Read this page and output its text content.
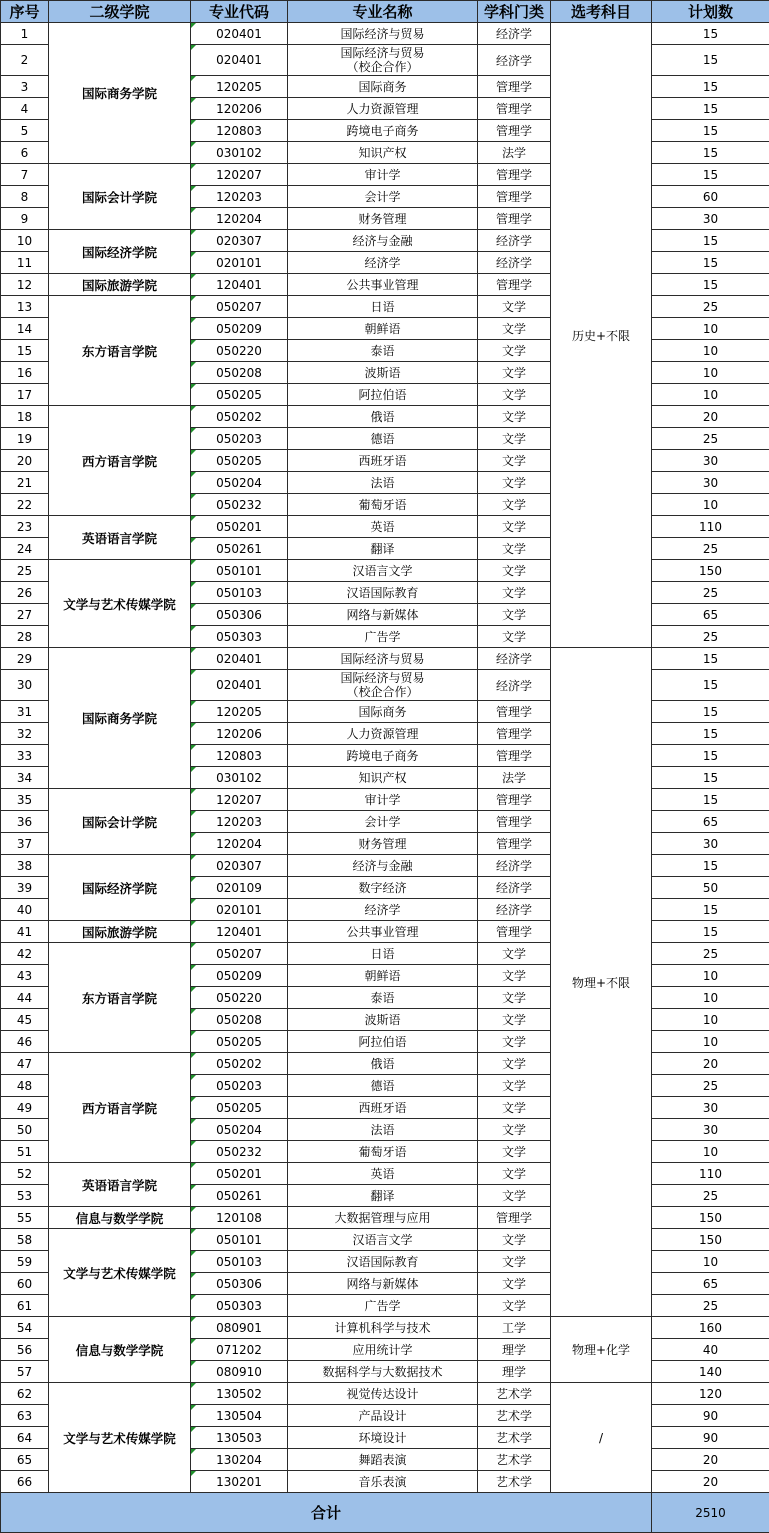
序号	二级学院	专业代码	专业名称	学科门类	选考科目	计划数
1	国际商务学院	020401	国际经济与贸易	经济学	历史+不限	15
2		020401	国际经济与贸易
（校企合作）	经济学		15
3		120205	国际商务	管理学		15
4		120206	人力资源管理	管理学		15
5		120803	跨境电子商务	管理学		15
6		030102	知识产权	法学		15
7	国际会计学院	120207	审计学	管理学		15
8		120203	会计学	管理学		60
9		120204	财务管理	管理学		30
10	国际经济学院	020307	经济与金融	经济学		15
11		020101	经济学	经济学		15
12	国际旅游学院	120401	公共事业管理	管理学		15
13	东方语言学院	050207	日语	文学		25
14		050209	朝鲜语	文学		10
15		050220	泰语	文学		10
16		050208	波斯语	文学		10
17		050205	阿拉伯语	文学		10
18	西方语言学院	050202	俄语	文学		20
19		050203	德语	文学		25
20		050205	西班牙语	文学		30
21		050204	法语	文学		30
22		050232	葡萄牙语	文学		10
23	英语语言学院	050201	英语	文学		110
24		050261	翻译	文学		25
25	文学与艺术传媒学院	050101	汉语言文学	文学		150
26		050103	汉语国际教育	文学		25
27		050306	网络与新媒体	文学		65
28		050303	广告学	文学		25
29	国际商务学院	020401	国际经济与贸易	经济学	物理+不限	15
30		020401	国际经济与贸易
（校企合作）	经济学		15
31		120205	国际商务	管理学		15
32		120206	人力资源管理	管理学		15
33		120803	跨境电子商务	管理学		15
34		030102	知识产权	法学		15
35	国际会计学院	120207	审计学	管理学		15
36		120203	会计学	管理学		65
37		120204	财务管理	管理学		30
38	国际经济学院	020307	经济与金融	经济学		15
39		020109	数字经济	经济学		50
40		020101	经济学	经济学		15
41	国际旅游学院	120401	公共事业管理	管理学		15
42	东方语言学院	050207	日语	文学		25
43		050209	朝鲜语	文学		10
44		050220	泰语	文学		10
45		050208	波斯语	文学		10
46		050205	阿拉伯语	文学		10
47	西方语言学院	050202	俄语	文学		20
48		050203	德语	文学		25
49		050205	西班牙语	文学		30
50		050204	法语	文学		30
51		050232	葡萄牙语	文学		10
52	英语语言学院	050201	英语	文学		110
53		050261	翻译	文学		25
55	信息与数学学院	120108	大数据管理与应用	管理学		150
58	文学与艺术传媒学院	050101	汉语言文学	文学		150
59		050103	汉语国际教育	文学		10
60		050306	网络与新媒体	文学		65
61		050303	广告学	文学		25
54	信息与数学学院	080901	计算机科学与技术	工学	物理+化学	160
56		071202	应用统计学	理学		40
57		080910	数据科学与大数据技术	理学		140
62	文学与艺术传媒学院	130502	视觉传达设计	艺术学	/	120
63		130504	产品设计	艺术学		90
64		130503	环境设计	艺术学		90
65		130204	舞蹈表演	艺术学		20
66		130201	音乐表演	艺术学		20
合计						2510
